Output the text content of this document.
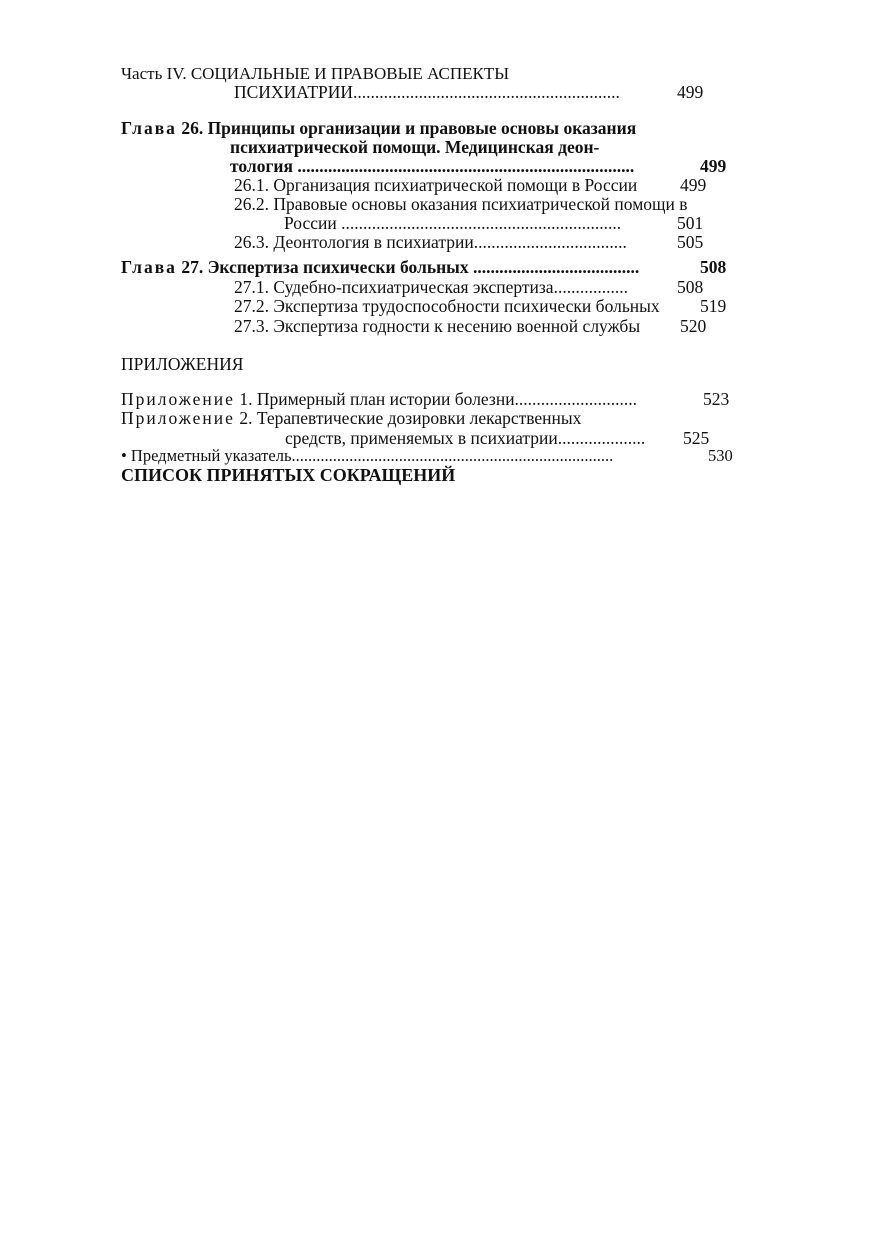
Часть IV. СОЦИАЛЬНЫЕ И ПРАВОВЫЕ АСПЕКТЫ
ПСИХИАТРИИ.............................................................	499
Глава 26. Принципы организации и правовые основы оказания
психиатрической помощи. Медицинская деон-
тология .............................................................................	499
26.1. Организация психиатрической помощи в России 499
26.2. Правовые основы оказания психиатрической помощи в
России ................................................................	501
26.3. Деонтология в психиатрии...................................	505
Глава 27. Экспертиза психически больных ......................................	508
27.1. Судебно-психиатрическая экспертиза.................	508
27.2. Экспертиза трудоспособности психически больных 519
27.3. Экспертиза годности к несению военной службы 520
ПРИЛОЖЕНИЯ
Приложение 1. Примерный план истории болезни............................	523
Приложение 2. Терапевтические дозировки лекарственных
средств, применяемых в психиатрии.................... 525
• Предметный указатель..............................................................................	530
СПИСОК ПРИНЯТЫХ СОКРАЩЕНИЙ
